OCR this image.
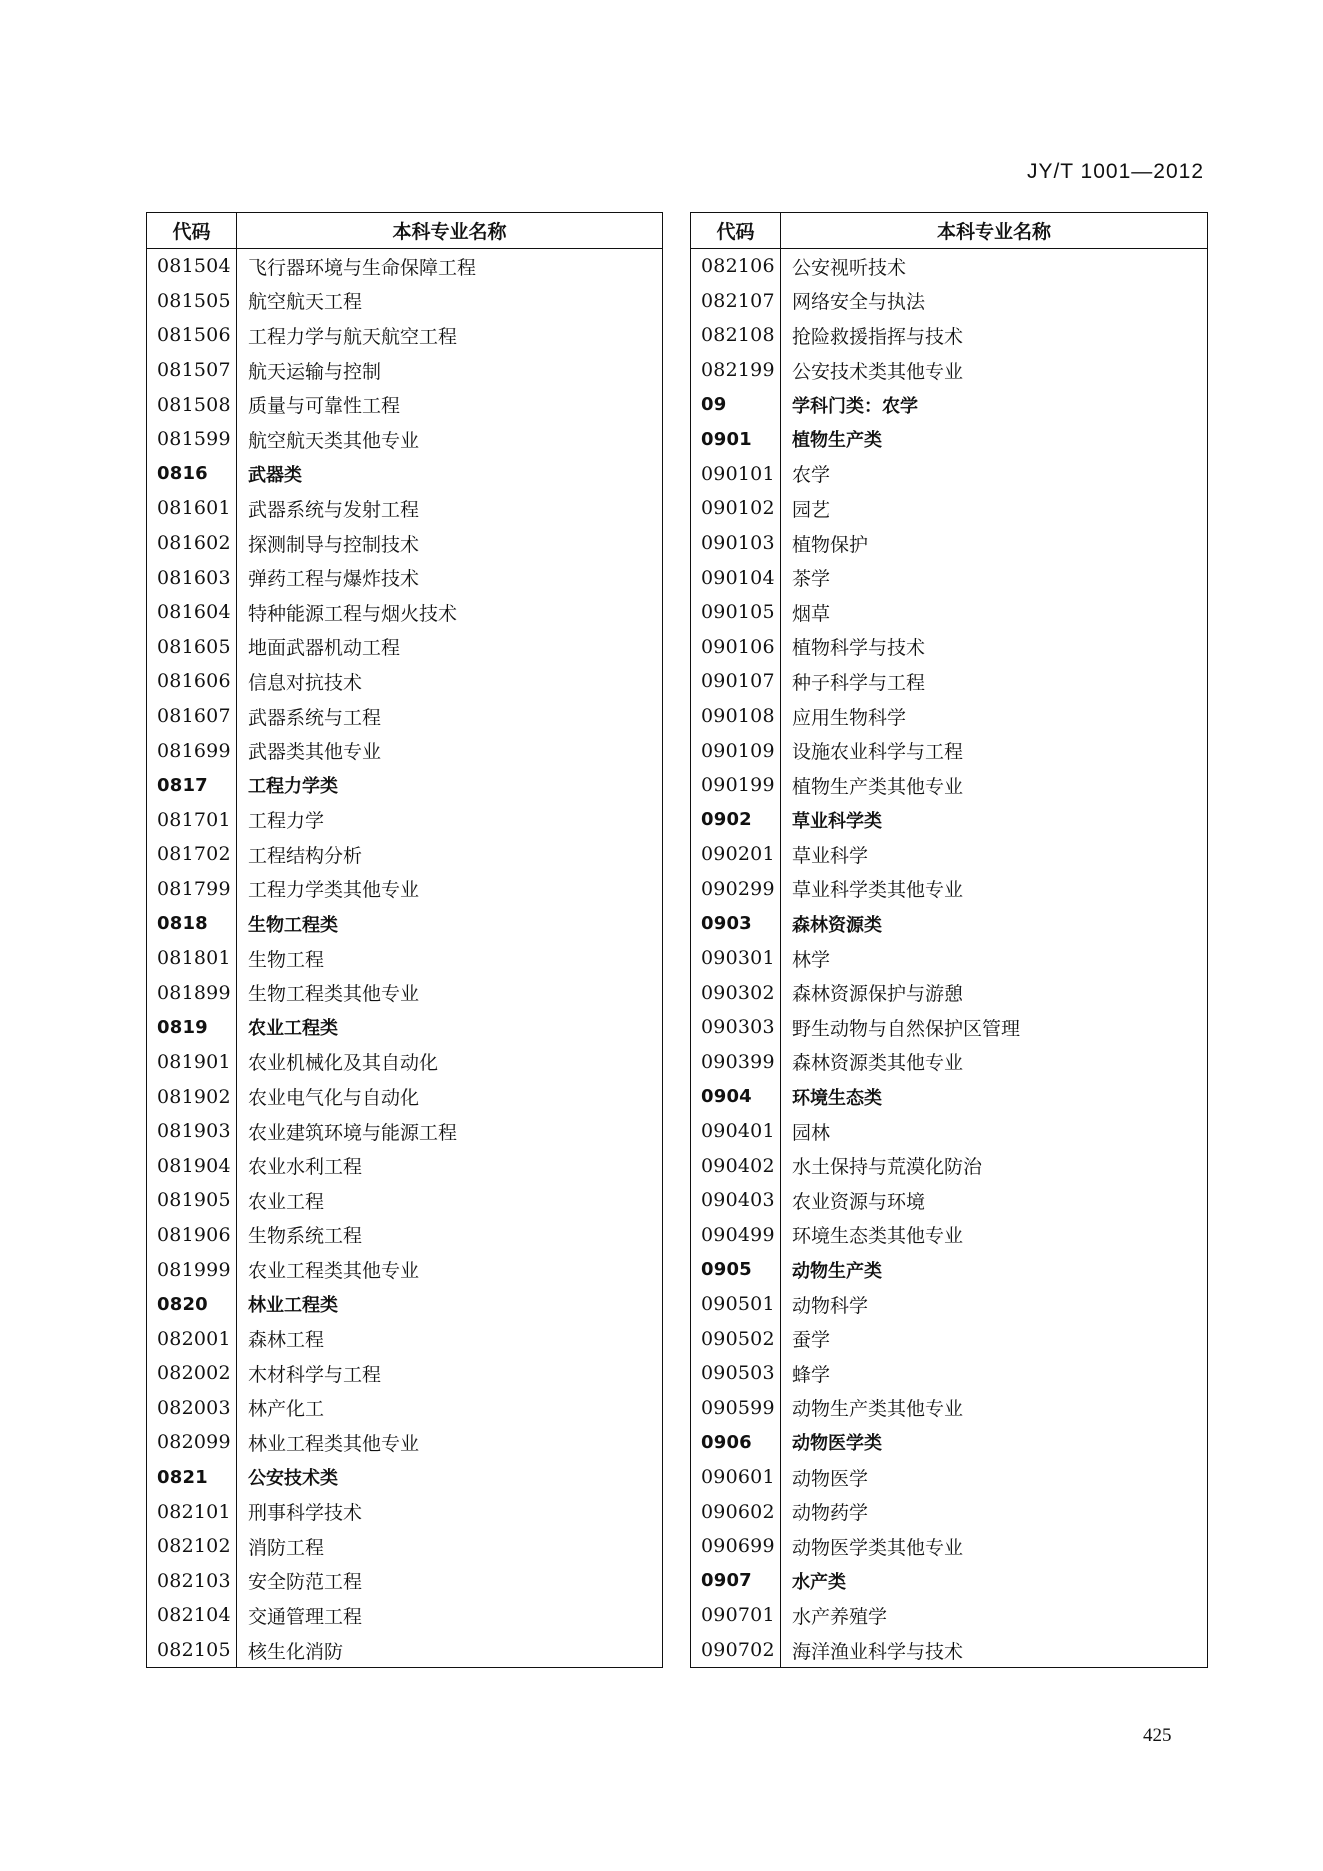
JY/T 1001—2012
代码	本科专业名称
081504	飞行器环境与生命保障工程
081505	航空航天工程
081506	工程力学与航天航空工程
081507	航天运输与控制
081508	质量与可靠性工程
081599	航空航天类其他专业
0816	武器类
081601	武器系统与发射工程
081602	探测制导与控制技术
081603	弹药工程与爆炸技术
081604	特种能源工程与烟火技术
081605	地面武器机动工程
081606	信息对抗技术
081607	武器系统与工程
081699	武器类其他专业
0817	工程力学类
081701	工程力学
081702	工程结构分析
081799	工程力学类其他专业
0818	生物工程类
081801	生物工程
081899	生物工程类其他专业
0819	农业工程类
081901	农业机械化及其自动化
081902	农业电气化与自动化
081903	农业建筑环境与能源工程
081904	农业水利工程
081905	农业工程
081906	生物系统工程
081999	农业工程类其他专业
0820	林业工程类
082001	森林工程
082002	木材科学与工程
082003	林产化工
082099	林业工程类其他专业
0821	公安技术类
082101	刑事科学技术
082102	消防工程
082103	安全防范工程
082104	交通管理工程
082105	核生化消防
代码	本科专业名称
082106	公安视听技术
082107	网络安全与执法
082108	抢险救援指挥与技术
082199	公安技术类其他专业
09	学科门类：农学
0901	植物生产类
090101	农学
090102	园艺
090103	植物保护
090104	茶学
090105	烟草
090106	植物科学与技术
090107	种子科学与工程
090108	应用生物科学
090109	设施农业科学与工程
090199	植物生产类其他专业
0902	草业科学类
090201	草业科学
090299	草业科学类其他专业
0903	森林资源类
090301	林学
090302	森林资源保护与游憩
090303	野生动物与自然保护区管理
090399	森林资源类其他专业
0904	环境生态类
090401	园林
090402	水土保持与荒漠化防治
090403	农业资源与环境
090499	环境生态类其他专业
0905	动物生产类
090501	动物科学
090502	蚕学
090503	蜂学
090599	动物生产类其他专业
0906	动物医学类
090601	动物医学
090602	动物药学
090699	动物医学类其他专业
0907	水产类
090701	水产养殖学
090702	海洋渔业科学与技术
425
